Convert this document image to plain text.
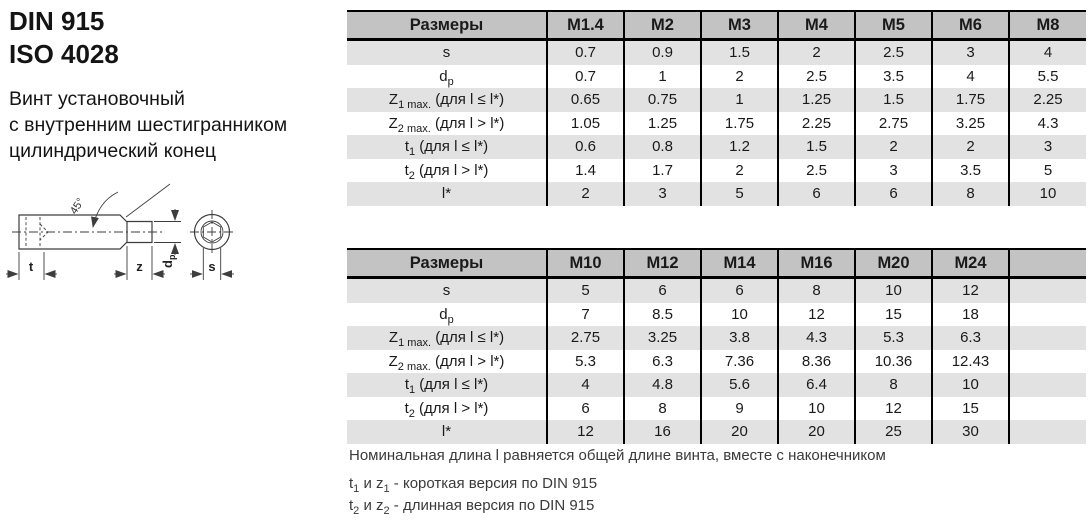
DIN 915
ISO 4028
Винт установочный
с внутренним шестигранником
цилиндрический конец
45°
t	z $d_p$
s
Размеры	M1.4	M2	M3	M4	M5	M6	M8
s	0.7	0.9	1.5	2	2.5	3	4
$d_p$	0.7	1	2	2.5	3.5	4	5.5
$Z_{1 max.}$ (для l ≤ l*)	0.65	0.75	1	1.25	1.5	1.75	2.25
$Z_{2 max.}$ (для l > l*)	1.05	1.25	1.75	2.25	2.75	3.25	4.3
$t_1$ (для l ≤ l*)	0.6	0.8	1.2	1.5	2	2	3
$t_2$ (для l > l*)	1.4	1.7	2	2.5	3	3.5	5
l*	2	3	5	6	6	8	10
Размеры	M10	M12	M14	M16	M20	M24	
s	5	6	6	8	10	12	
$d_p$	7	8.5	10	12	15	18	
$Z_{1 max.}$ (для l ≤ l*)	2.75	3.25	3.8	4.3	5.3	6.3	
$Z_{2 max.}$ (для l > l*)	5.3	6.3	7.36	8.36	10.36	12.43	
$t_1$ (для l ≤ l*)	4	4.8	5.6	6.4	8	10	
$t_2$ (для l > l*)	6	8	9	10	12	15	
l*	12	16	20	20	25	30	
Номинальная длина l равняется общей длине винта, вместе с наконечником
$t_1$ и $z_1$ - короткая версия по DIN 915
$t_2$ и $z_2$ - длинная версия по DIN 915
